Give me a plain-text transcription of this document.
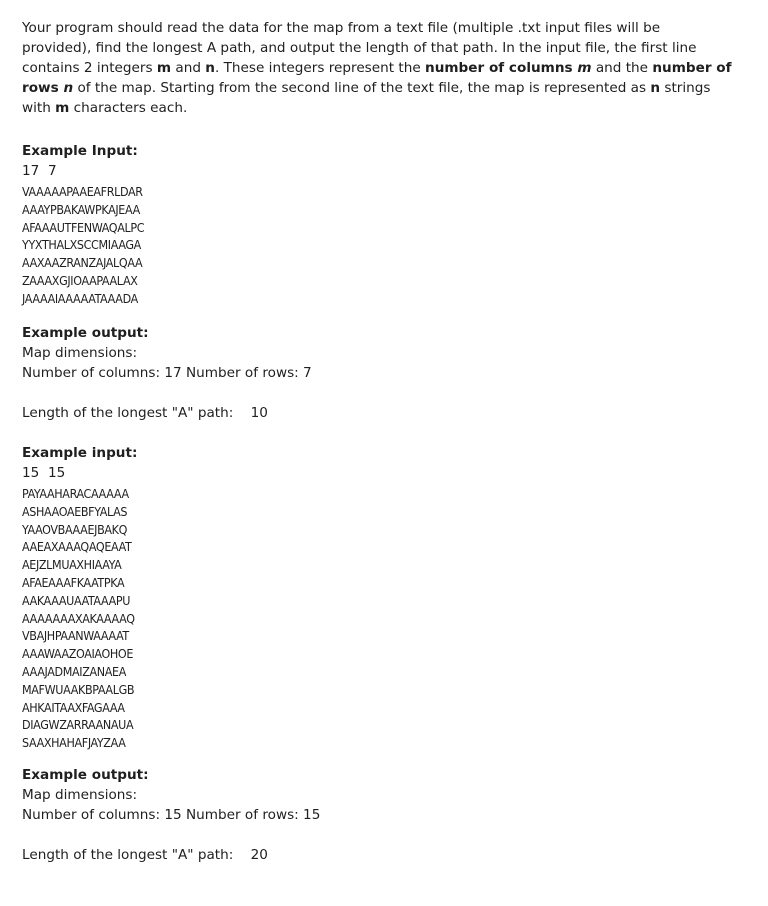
Your program should read the data for the map from a text file (multiple .txt input files will be provided), find the longest A path, and output the length of that path. In the input file, the first line contains 2 integers m and n. These integers represent the number of columns m and the number of rows n of the map. Starting from the second line of the text file, the map is represented as n strings with m characters each.

Example Input:

17  7

VAAAAAPAAEAFRLDAR

AAAYPBAKAWPKAJEAA

AFAAAUTFENWAQALPC

YYXTHALXSCCMIAAGA

AAXAAZRANZAJALQAA

ZAAAXGJIOAAPAALAX

JAAAAIAAAAATAAADA

Example output:

Map dimensions:

Number of columns: 17 Number of rows: 7

Length of the longest "A" path:    10

Example input:

15  15

PAYAAHARACAAAAA

ASHAAOAEBFYALAS

YAAOVBAAAEJBAKQ

AAEAXAAAQAQEAAT

AEJZLMUAXHIAAYA

AFAEAAAFKAATPKA

AAKAAAUAATAAAPU

AAAAAAAXAKAAAAQ

VBAJHPAANWAAAAT

AAAWAAZOAIAOHOE

AAAJADMAIZANAEA

MAFWUAAKBPAALGB

AHKAITAAXFAGAAA

DIAGWZARRAANAUA

SAAXHAHAFJAYZAA

Example output:

Map dimensions:

Number of columns: 15 Number of rows: 15

Length of the longest "A" path:    20
